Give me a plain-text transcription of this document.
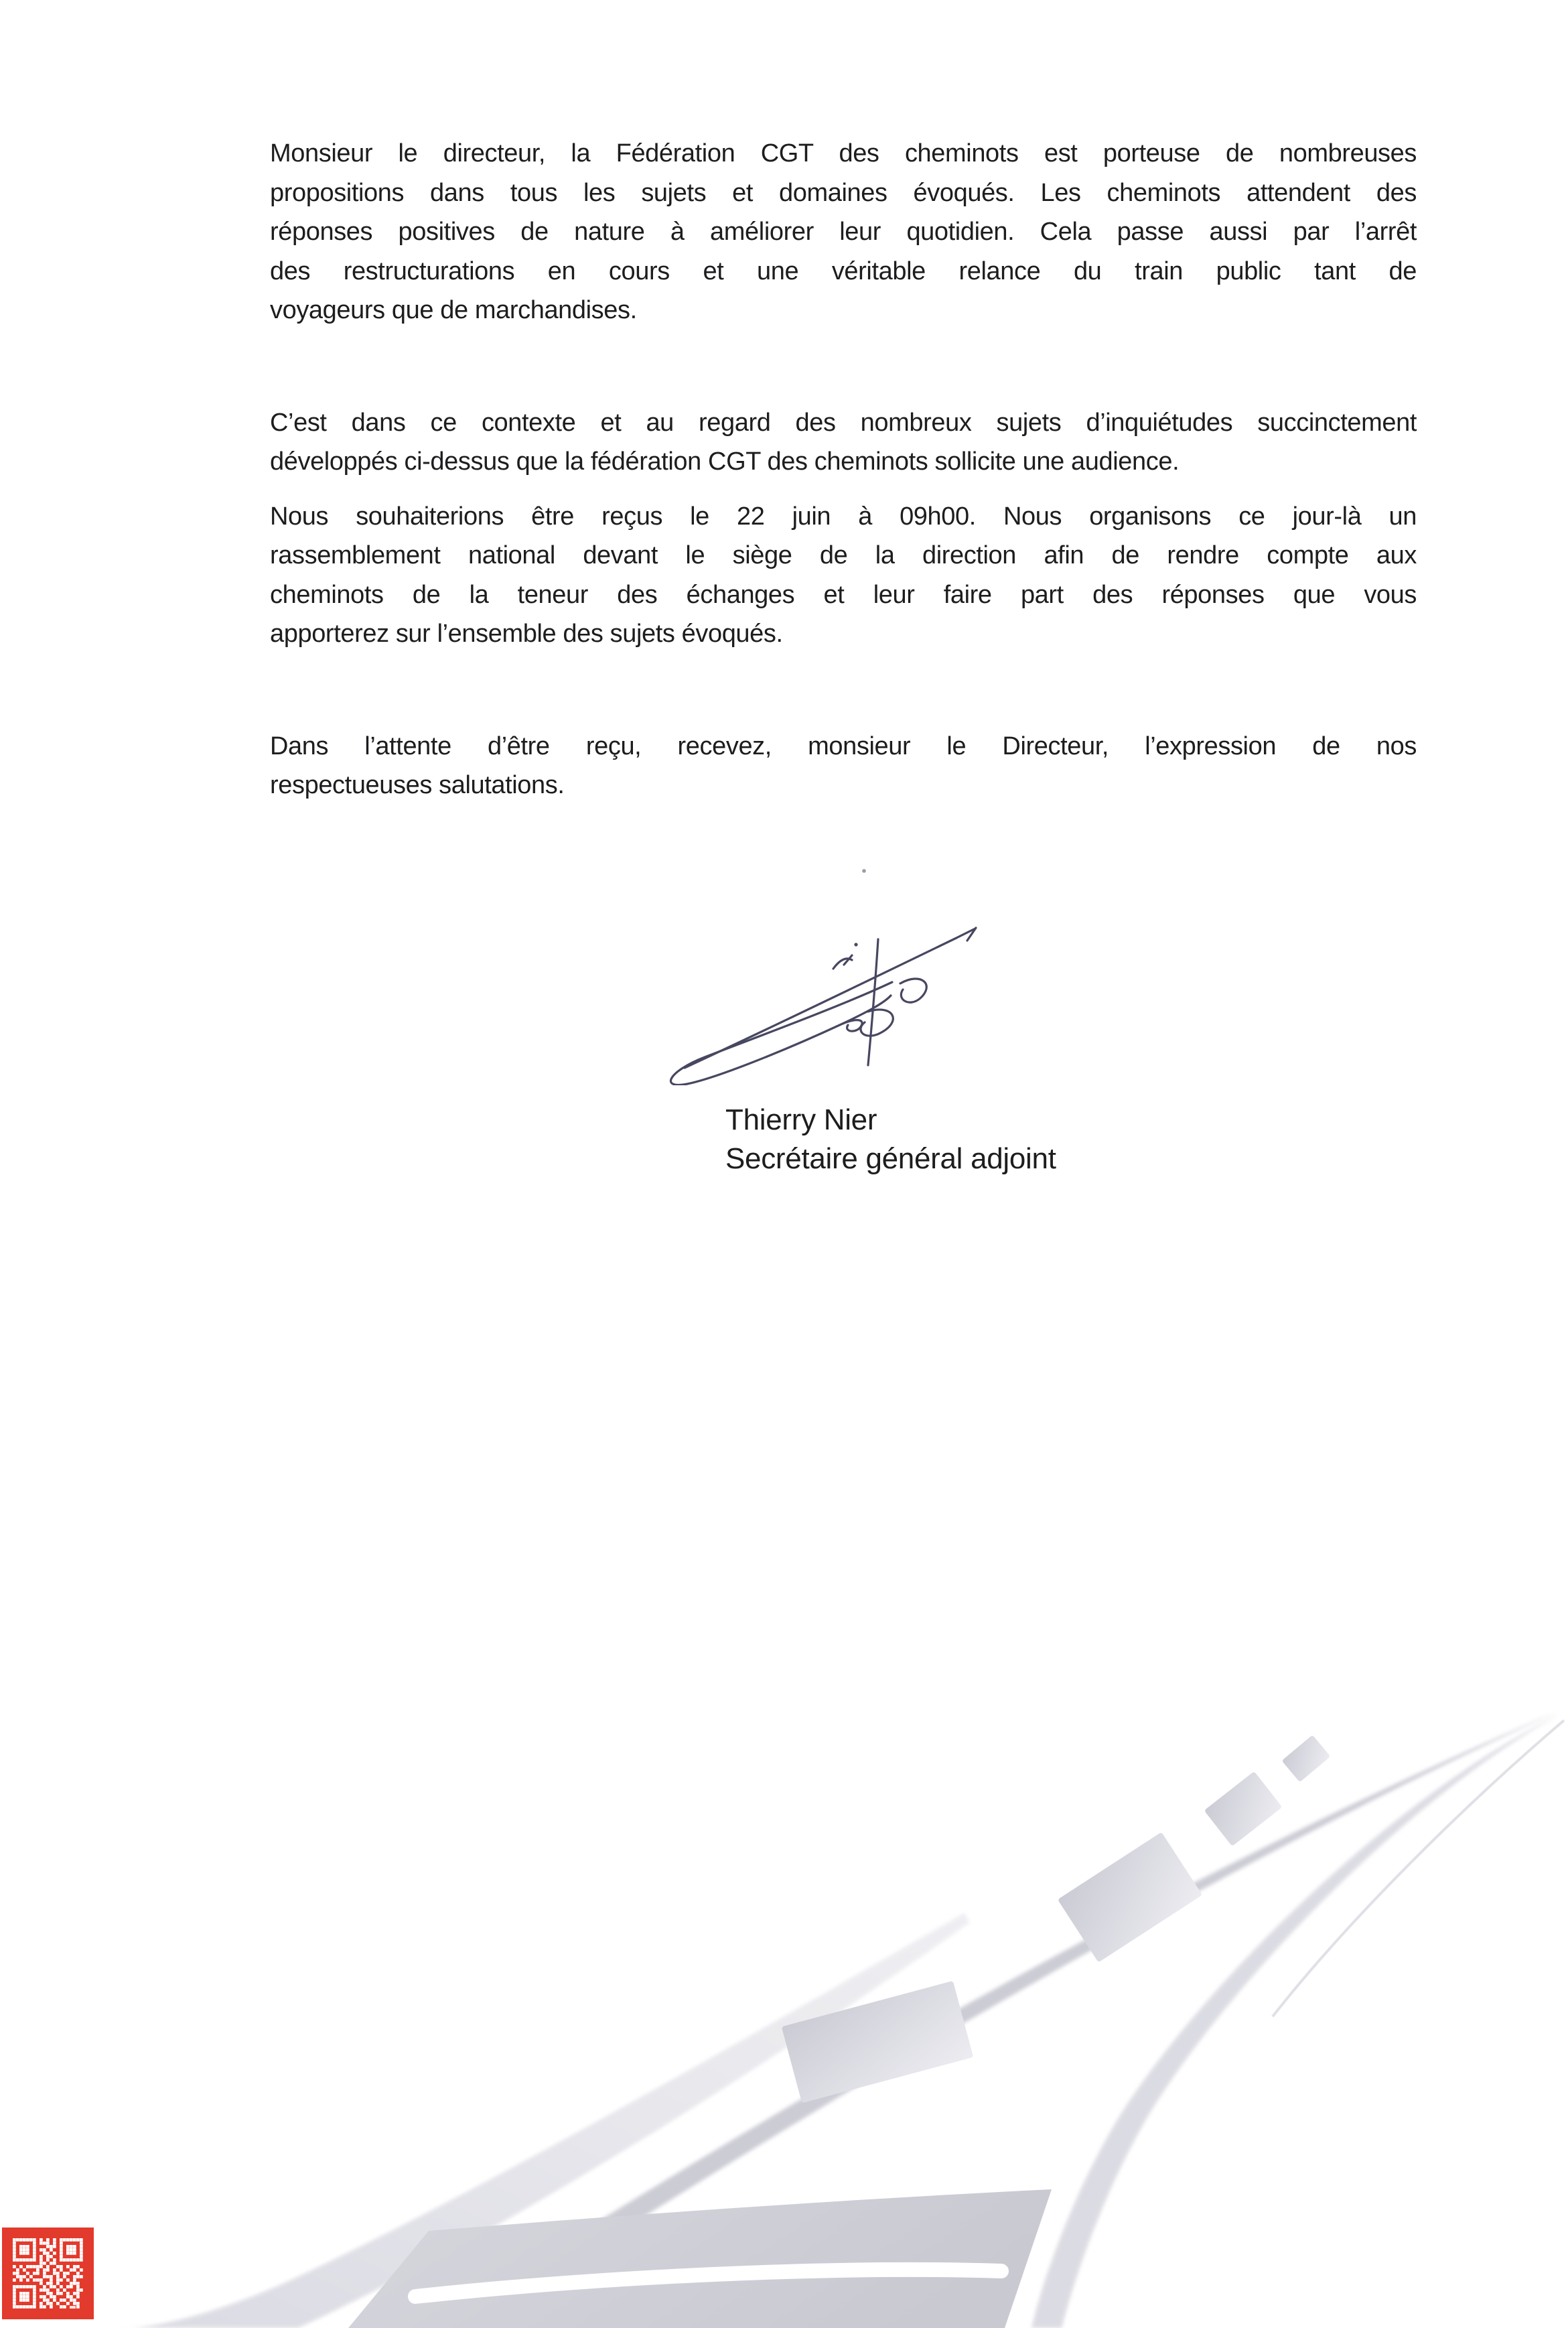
Monsieur le directeur, la Fédération CGT des cheminots est porteuse de nombreuses
propositions dans tous les sujets et domaines évoqués. Les cheminots attendent des
réponses positives de nature à améliorer leur quotidien. Cela passe aussi par l’arrêt
des restructurations en cours et une véritable relance du train public tant de
voyageurs que de marchandises.
C’est dans ce contexte et au regard des nombreux sujets d’inquiétudes succinctement
développés ci-dessus que la fédération CGT des cheminots sollicite une audience.
Nous souhaiterions être reçus le 22 juin à 09h00. Nous organisons ce jour-là un
rassemblement national devant le siège de la direction afin de rendre compte aux
cheminots de la teneur des échanges et leur faire part des réponses que vous
apporterez sur l’ensemble des sujets évoqués.
Dans l’attente d’être reçu, recevez, monsieur le Directeur, l’expression de nos
respectueuses salutations.
Thierry Nier
Secrétaire général adjoint
